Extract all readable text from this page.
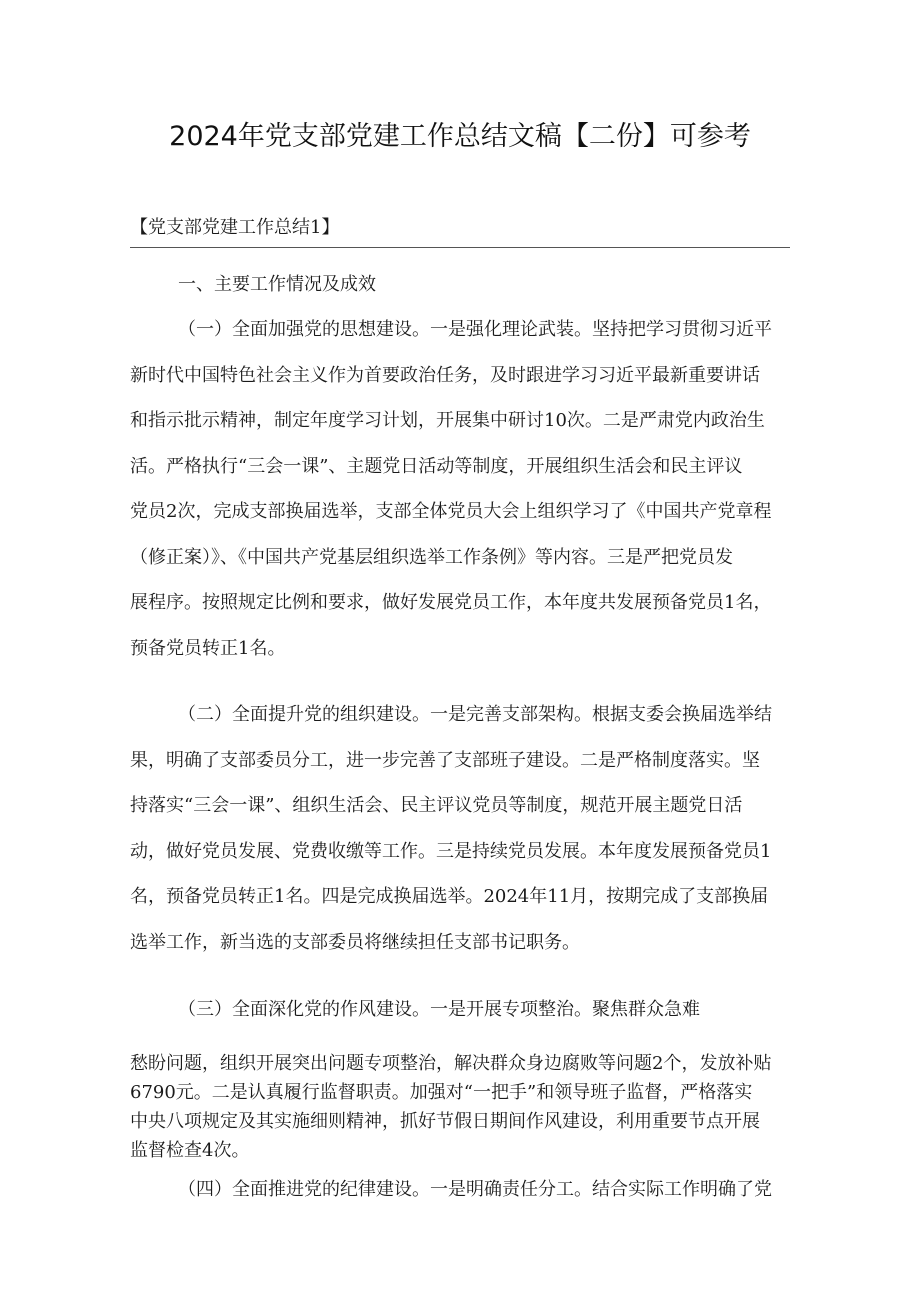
2024年党支部党建工作总结文稿【二份】可参考
【党支部党建工作总结1】
一、主要工作情况及成效
（一）全面加强党的思想建设。一是强化理论武装。坚持把学习贯彻习近平
新时代中国特色社会主义作为首要政治任务，及时跟进学习习近平最新重要讲话
和指示批示精神，制定年度学习计划，开展集中研讨10次。二是严肃党内政治生
活。严格执行“三会一课”、主题党日活动等制度，开展组织生活会和民主评议
党员2次，完成支部换届选举，支部全体党员大会上组织学习了《中国共产党章程
（修正案）》、《中国共产党基层组织选举工作条例》等内容。三是严把党员发
展程序。按照规定比例和要求，做好发展党员工作，本年度共发展预备党员1名，
预备党员转正1名。
（二）全面提升党的组织建设。一是完善支部架构。根据支委会换届选举结
果，明确了支部委员分工，进一步完善了支部班子建设。二是严格制度落实。坚
持落实“三会一课”、组织生活会、民主评议党员等制度，规范开展主题党日活
动，做好党员发展、党费收缴等工作。三是持续党员发展。本年度发展预备党员1
名，预备党员转正1名。四是完成换届选举。2024年11月，按期完成了支部换届
选举工作，新当选的支部委员将继续担任支部书记职务。
（三）全面深化党的作风建设。一是开展专项整治。聚焦群众急难
愁盼问题，组织开展突出问题专项整治，解决群众身边腐败等问题2个，发放补贴
6790元。二是认真履行监督职责。加强对“一把手”和领导班子监督，严格落实
中央八项规定及其实施细则精神，抓好节假日期间作风建设，利用重要节点开展
监督检查4次。
（四）全面推进党的纪律建设。一是明确责任分工。结合实际工作明确了党
